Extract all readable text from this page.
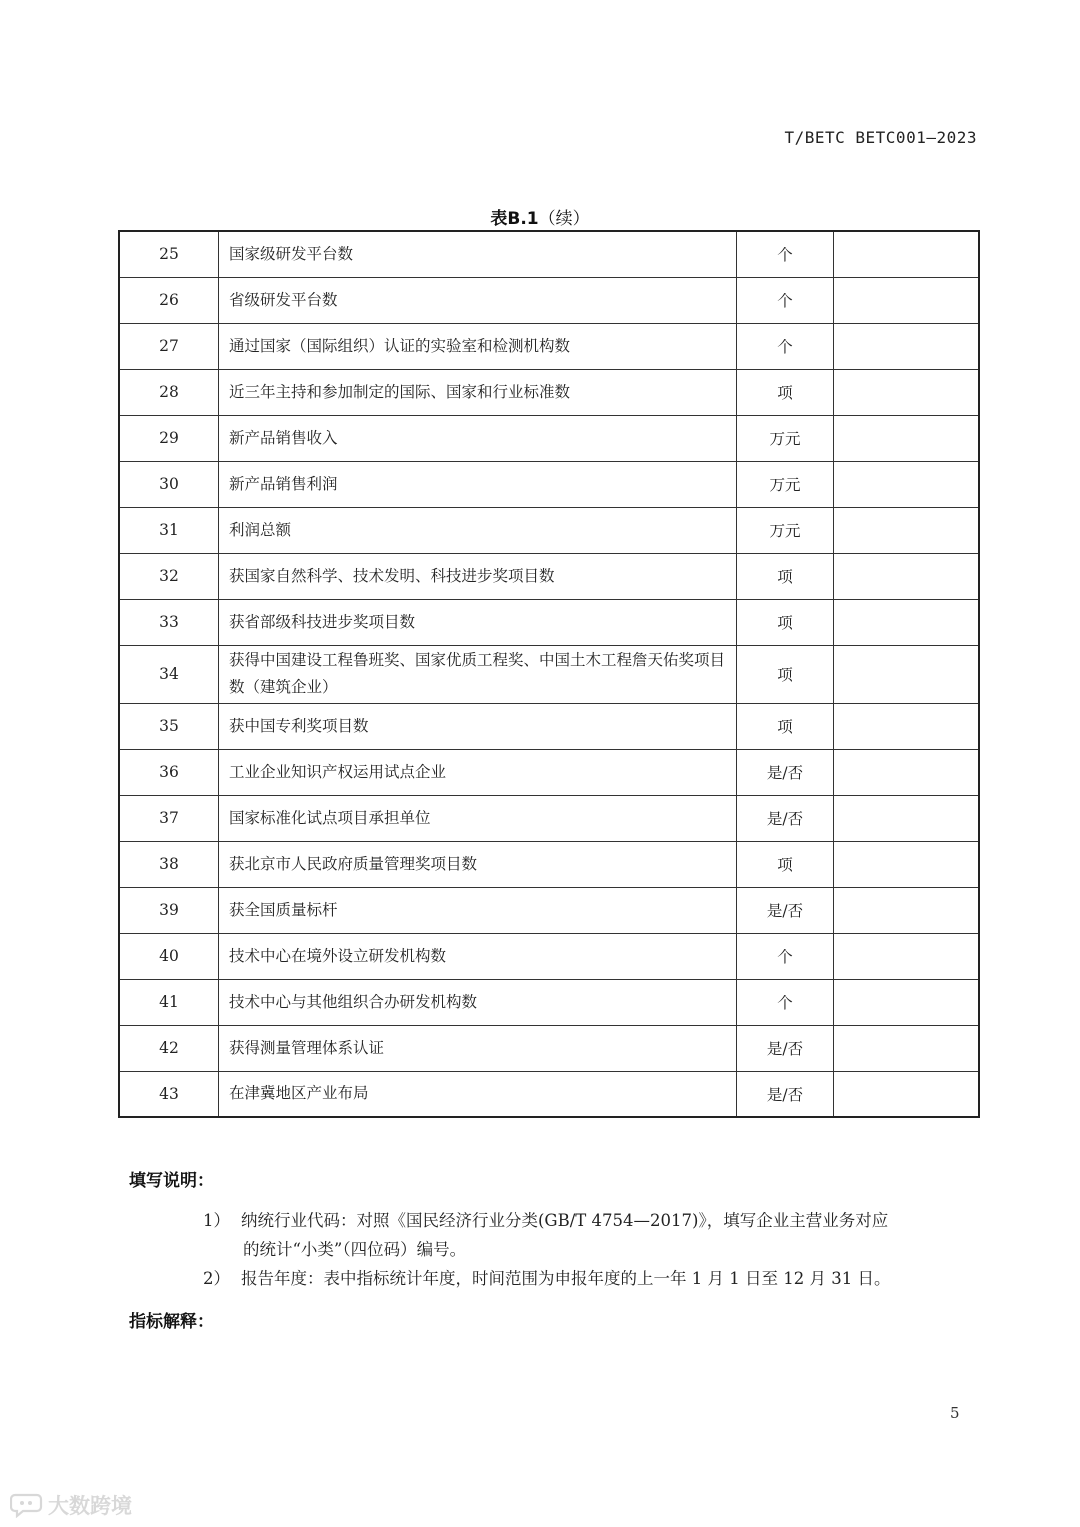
T/BETC BETC001—2023
表B.1（续）
25	国家级研发平台数	个	
26	省级研发平台数	个	
27	通过国家（国际组织）认证的实验室和检测机构数	个	
28	近三年主持和参加制定的国际、国家和行业标准数	项	
29	新产品销售收入	万元	
30	新产品销售利润	万元	
31	利润总额	万元	
32	获国家自然科学、技术发明、科技进步奖项目数	项	
33	获省部级科技进步奖项目数	项	
34	获得中国建设工程鲁班奖、国家优质工程奖、中国土木工程詹天佑奖项目数（建筑企业）	项	
35	获中国专利奖项目数	项	
36	工业企业知识产权运用试点企业	是/否	
37	国家标准化试点项目承担单位	是/否	
38	获北京市人民政府质量管理奖项目数	项	
39	获全国质量标杆	是/否	
40	技术中心在境外设立研发机构数	个	
41	技术中心与其他组织合办研发机构数	个	
42	获得测量管理体系认证	是/否	
43	在津冀地区产业布局	是/否	
填写说明：
1） 纳统行业代码：对照《国民经济行业分类(GB/T 4754—2017)》，填写企业主营业务对应
的统计“小类”（四位码）编号。
2） 报告年度：表中指标统计年度，时间范围为申报年度的上一年 1 月 1 日至 12 月 31 日。
指标解释：
5
大数跨境
